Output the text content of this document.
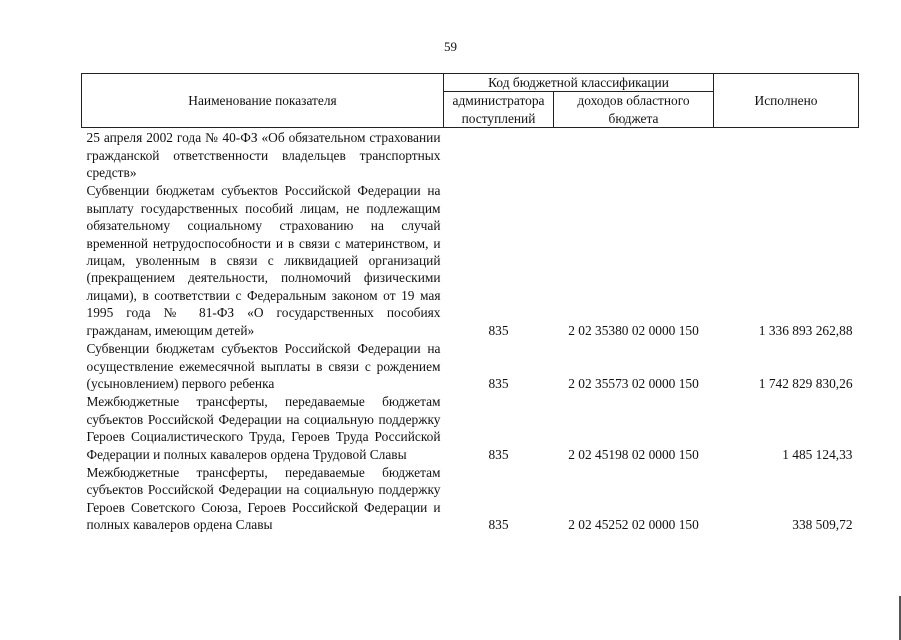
59
Наименование показателя	Код бюджетной классификации		Исполнено
	администратора поступлений	доходов областного бюджета	
25 апреля 2002 года № 40-ФЗ «Об обязательном страховании гражданской ответственности владельцев транспортных средств»			
Субвенции бюджетам субъектов Российской Федерации на выплату государственных пособий лицам, не подлежащим обязательному социальному страхованию на случай временной нетрудоспособности и в связи с материнством, и лицам, уволенным в связи с ликвидацией организаций (прекращением деятельности, полномочий физическими лицами), в соответствии с Федеральным законом от 19 мая 1995 года № 81-ФЗ «О государственных пособиях гражданам, имеющим детей»	835	2 02 35380 02 0000 150	1 336 893 262,88
Субвенции бюджетам субъектов Российской Федерации на осуществление ежемесячной выплаты в связи с рождением (усыновлением) первого ребенка	835	2 02 35573 02 0000 150	1 742 829 830,26
Межбюджетные трансферты, передаваемые бюджетам субъектов Российской Федерации на социальную поддержку Героев Социалистического Труда, Героев Труда Российской Федерации и полных кавалеров ордена Трудовой Славы	835	2 02 45198 02 0000 150	1 485 124,33
Межбюджетные трансферты, передаваемые бюджетам субъектов Российской Федерации на социальную поддержку Героев Советского Союза, Героев Российской Федерации и полных кавалеров ордена Славы	835	2 02 45252 02 0000 150	338 509,72
